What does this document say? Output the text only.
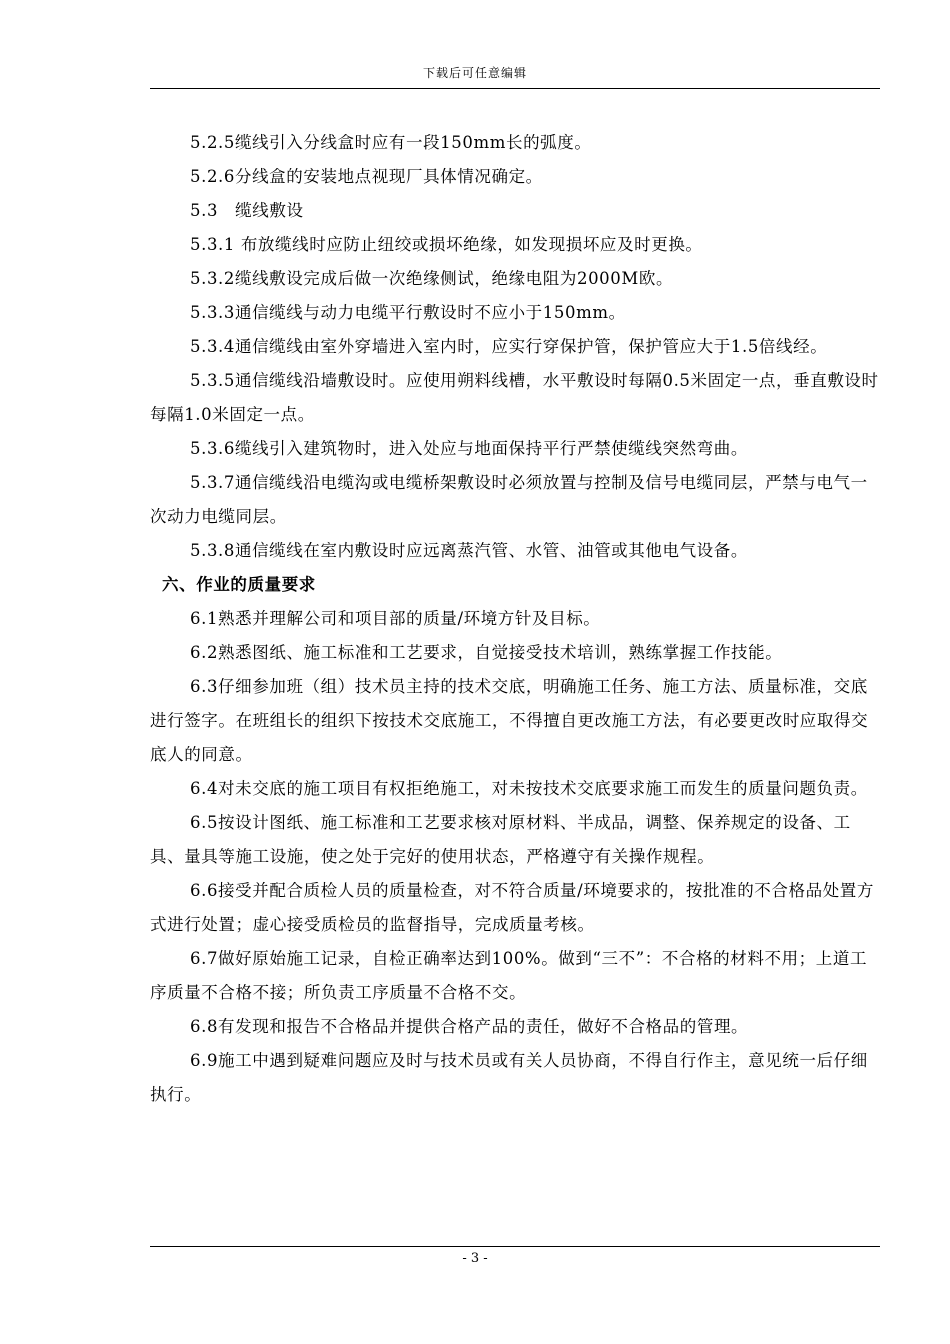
下载后可任意编辑

5.2.5缆线引入分线盒时应有一段150mm长的弧度。

5.2.6分线盒的安装地点视现厂具体情况确定。

5.3　缆线敷设

5.3.1 布放缆线时应防止纽绞或损坏绝缘，如发现损坏应及时更换。

5.3.2缆线敷设完成后做一次绝缘侧试，绝缘电阻为2000M欧。

5.3.3通信缆线与动力电缆平行敷设时不应小于150mm。

5.3.4通信缆线由室外穿墙进入室内时，应实行穿保护管，保护管应大于1.5倍线经。

5.3.5通信缆线沿墙敷设时。应使用朔料线槽，水平敷设时每隔0.5米固定一点，垂直敷设时每隔1.0米固定一点。

5.3.6缆线引入建筑物时，进入处应与地面保持平行严禁使缆线突然弯曲。

5.3.7通信缆线沿电缆沟或电缆桥架敷设时必须放置与控制及信号电缆同层，严禁与电气一次动力电缆同层。

5.3.8通信缆线在室内敷设时应远离蒸汽管、水管、油管或其他电气设备。

六、作业的质量要求

6.1熟悉并理解公司和项目部的质量/环境方针及目标。

6.2熟悉图纸、施工标准和工艺要求，自觉接受技术培训，熟练掌握工作技能。

6.3仔细参加班（组）技术员主持的技术交底，明确施工任务、施工方法、质量标准，交底进行签字。在班组长的组织下按技术交底施工，不得擅自更改施工方法，有必要更改时应取得交底人的同意。

6.4对未交底的施工项目有权拒绝施工，对未按技术交底要求施工而发生的质量问题负责。

6.5按设计图纸、施工标准和工艺要求核对原材料、半成品，调整、保养规定的设备、工具、量具等施工设施，使之处于完好的使用状态，严格遵守有关操作规程。

6.6接受并配合质检人员的质量检查，对不符合质量/环境要求的，按批准的不合格品处置方式进行处置；虚心接受质检员的监督指导，完成质量考核。

6.7做好原始施工记录，自检正确率达到100%。做到“三不”：不合格的材料不用；上道工序质量不合格不接；所负责工序质量不合格不交。

6.8有发现和报告不合格品并提供合格产品的责任，做好不合格品的管理。

6.9施工中遇到疑难问题应及时与技术员或有关人员协商，不得自行作主，意见统一后仔细执行。

- 3 -
